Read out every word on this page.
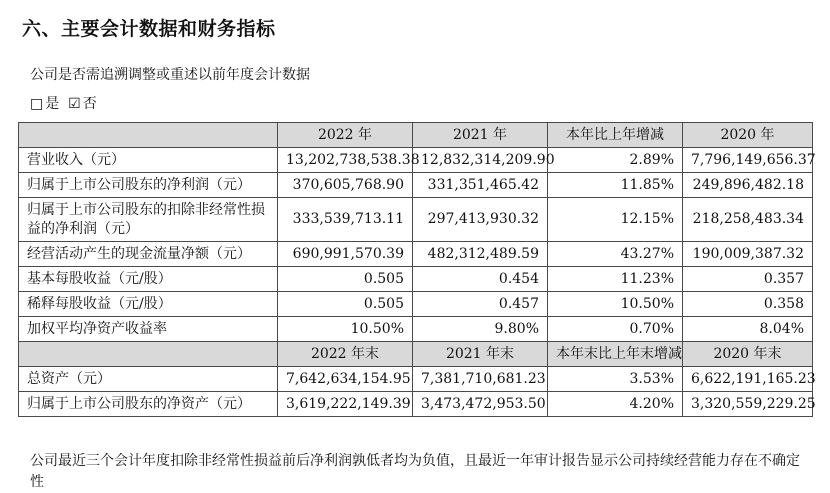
六、主要会计数据和财务指标
公司是否需追溯调整或重述以前年度会计数据
□ 是 ☑ 否
	2022 年	2021 年	本年比上年增减	2020 年
营业收入（元）	13,202,738,538.38	12,832,314,209.90	2.89%	7,796,149,656.37
归属于上市公司股东的净利润（元）	370,605,768.90	331,351,465.42	11.85%	249,896,482.18
归属于上市公司股东的扣除非经常性损益的净利润（元）	333,539,713.11	297,413,930.32	12.15%	218,258,483.34
经营活动产生的现金流量净额（元）	690,991,570.39	482,312,489.59	43.27%	190,009,387.32
基本每股收益（元/股）	0.505	0.454	11.23%	0.357
稀释每股收益（元/股）	0.505	0.457	10.50%	0.358
加权平均净资产收益率	10.50%	9.80%	0.70%	8.04%
	2022 年末	2021 年末	本年末比上年末增减	2020 年末
总资产（元）	7,642,634,154.95	7,381,710,681.23	3.53%	6,622,191,165.23
归属于上市公司股东的净资产（元）	3,619,222,149.39	3,473,472,953.50	4.20%	3,320,559,229.25
公司最近三个会计年度扣除非经常性损益前后净利润孰低者均为负值，且最近一年审计报告显示公司持续经营能力存在不确定性
